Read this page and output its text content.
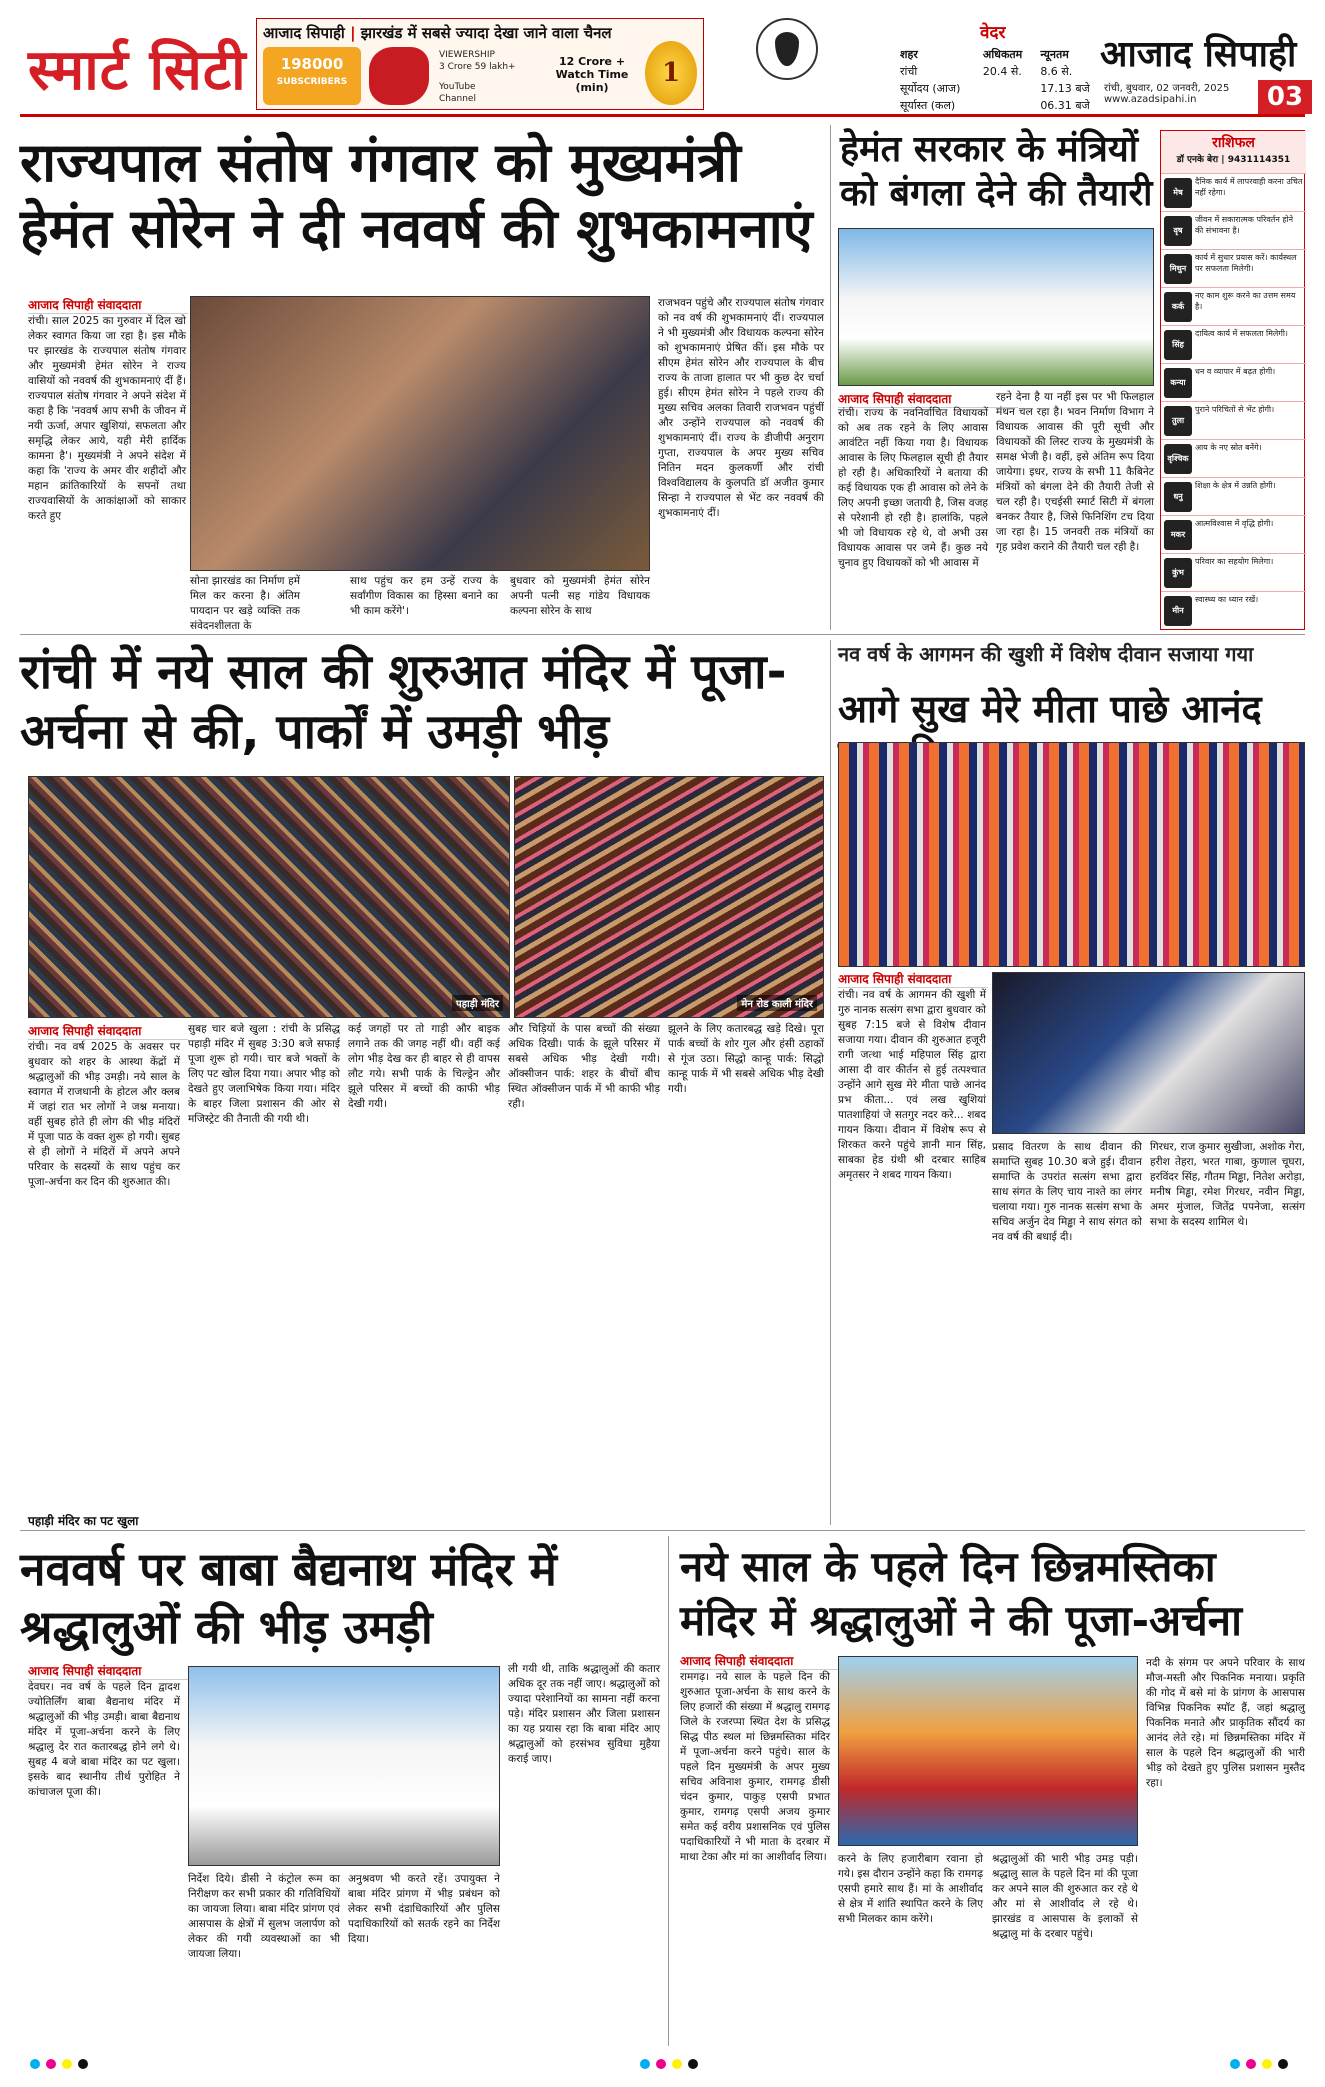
स्मार्ट सिटी
आजाद सिपाही | झारखंड में सबसे ज्यादा देखा जाने वाला चैनल
198000
SUBSCRIBERS
VIEWERSHIP
3 Crore 59 lakh+
YouTube
Channel
12 Crore +
Watch Time (min)	1
वेदर
शहर	अधिकतम	न्यूनतम
रांची	20.4 से.	8.6 से.
सूर्योदय (आज)		17.13 बजे
सूर्यास्त (कल)		06.31 बजे
आजाद सिपाही
रांची, बुधवार, 02 जनवरी, 2025
www.azadsipahi.in	03
राज्यपाल संतोष गंगवार को मुख्यमंत्री हेमंत सोरेन ने दी नववर्ष की शुभकामनाएं
आजाद सिपाही संवाददाता
रांची। साल 2025 का गुरुवार में दिल खो लेकर स्वागत किया जा रहा है। इस मौके पर झारखंड के राज्यपाल संतोष गंगवार और मुख्यमंत्री हेमंत सोरेन ने राज्य वासियों को नववर्ष की शुभकामनाएं दीं हैं। राज्यपाल संतोष गंगवार ने अपने संदेश में कहा है कि 'नववर्ष आप सभी के जीवन में नयी ऊर्जा, अपार खुशियां, सफलता और समृद्धि लेकर आये, यही मेरी हार्दिक कामना है'। मुख्यमंत्री ने अपने संदेश में कहा कि 'राज्य के अमर वीर शहीदों और महान क्रांतिकारियों के सपनों तथा राज्यवासियों के आकांक्षाओं को साकार करते हुए
सोना झारखंड का निर्माण हमें मिल कर करना है। अंतिम पायदान पर खड़े व्यक्ति तक संवेदनशीलता के
साथ पहुंच कर हम उन्हें राज्य के सर्वांगीण विकास का हिस्सा बनाने का भी काम करेंगे'।
बुधवार को मुख्यमंत्री हेमंत सोरेन अपनी पत्नी सह गांडेय विधायक कल्पना सोरेन के साथ
राजभवन पहुंचे और राज्यपाल संतोष गंगवार को नव वर्ष की शुभकामनाएं दीं। राज्यपाल ने भी मुख्यमंत्री और विधायक कल्पना सोरेन को शुभकामनाएं प्रेषित कीं। इस मौके पर सीएम हेमंत सोरेन और राज्यपाल के बीच राज्य के ताजा हालात पर भी कुछ देर चर्चा हुई। सीएम हेमंत सोरेन ने पहले राज्य की मुख्य सचिव अलका तिवारी राजभवन पहुंचीं और उन्होंने राज्यपाल को नववर्ष की शुभकामनाएं दीं। राज्य के डीजीपी अनुराग गुप्ता, राज्यपाल के अपर मुख्य सचिव नितिन मदन कुलकर्णी और रांची विश्वविद्यालय के कुलपति डॉ अजीत कुमार सिन्हा ने राज्यपाल से भेंट कर नववर्ष की शुभकामनाएं दीं।
हेमंत सरकार के मंत्रियों को बंगला देने की तैयारी
आजाद सिपाही संवाददाता
रांची। राज्य के नवनिर्वाचित विधायकों को अब तक रहने के लिए आवास आवंटित नहीं किया गया है। विधायक आवास के लिए फिलहाल सूची ही तैयार हो रही है। अधिकारियों ने बताया की कई विधायक एक ही आवास को लेने के लिए अपनी इच्छा जतायी है, जिस वजह से परेशानी हो रही है। हालांकि, पहले भी जो विधायक रहे थे, वो अभी उस विधायक आवास पर जमे हैं। कुछ नये चुनाव हुए विधायकों को भी आवास में
रहने देना है या नहीं इस पर भी फिलहाल मंथन चल रहा है। भवन निर्माण विभाग ने विधायक आवास की पूरी सूची और विधायकों की लिस्ट राज्य के मुख्यमंत्री के समक्ष भेजी है। वहीं, इसे अंतिम रूप दिया जायेगा। इधर, राज्य के सभी 11 कैबिनेट मंत्रियों को बंगला देने की तैयारी तेजी से चल रही है। एचईसी स्मार्ट सिटी में बंगला बनकर तैयार है, जिसे फिनिशिंग टच दिया जा रहा है। 15 जनवरी तक मंत्रियों का गृह प्रवेश कराने की तैयारी चल रही है।
राशिफल
डॉ एनके बेरा | 9431114351
मेष
दैनिक कार्य में लापरवाही करना उचित नहीं रहेगा।
वृष
जीवन में सकारात्मक परिवर्तन होने की संभावना है।
मिथुन
कार्य में सुधार प्रयास करें। कार्यस्थल पर सफलता मिलेगी।
कर्क
नए काम शुरू करने का उत्तम समय है।
सिंह
दायित्व कार्य में सफलता मिलेगी।
कन्या
धन व व्यापार में बढ़त होगी।
तुला
पुराने परिचितों से भेंट होगी।
वृश्चिक
आय के नए स्रोत बनेंगे।
धनु
शिक्षा के क्षेत्र में उन्नति होगी।
मकर
आत्मविश्वास में वृद्धि होगी।
कुंभ
परिवार का सहयोग मिलेगा।
मीन
स्वास्थ्य का ध्यान रखें।
रांची में नये साल की शुरुआत मंदिर में पूजा-अर्चना से की, पार्कों में उमड़ी भीड़
पहाड़ी मंदिर	मेन रोड काली मंदिर
आजाद सिपाही संवाददाता
रांची। नव वर्ष 2025 के अवसर पर बुधवार को शहर के आस्था केंद्रों में श्रद्धालुओं की भीड़ उमड़ी। नये साल के स्वागत में राजधानी के होटल और क्लब में जहां रात भर लोगों ने जश्न मनाया। वहीं सुबह होते ही लोग की भीड़ मंदिरों में पूजा पाठ के वक्त शुरू हो गयी। सुबह से ही लोगों ने मंदिरों में अपने अपने परिवार के सदस्यों के साथ पहुंच कर पूजा-अर्चना कर दिन की शुरुआत की।
सुबह चार बजे खुला : रांची के प्रसिद्ध पहाड़ी मंदिर में सुबह 3:30 बजे सफाई पूजा शुरू हो गयी। चार बजे भक्तों के लिए पट खोल दिया गया। अपार भीड़ को देखते हुए जलाभिषेक किया गया। मंदिर के बाहर जिला प्रशासन की ओर से मजिस्ट्रेट की तैनाती की गयी थी।
कई जगहों पर तो गाड़ी और बाइक लगाने तक की जगह नहीं थी। वहीं कई लोग भीड़ देख कर ही बाहर से ही वापस लौट गये। सभी पार्क के चिल्ड्रेन और झूले परिसर में बच्चों की काफी भीड़ देखी गयी।
और चिड़ियों के पास बच्चों की संख्या अधिक दिखी। पार्क के झूले परिसर में सबसे अधिक भीड़ देखी गयी। ऑक्सीजन पार्क: शहर के बीचों बीच स्थित ऑक्सीजन पार्क में भी काफी भीड़ रही।
झूलने के लिए कतारबद्ध खड़े दिखे। पूरा पार्क बच्चों के शोर गुल और हंसी ठहाकों से गूंज उठा। सिद्धो कान्हू पार्क: सिद्धो कान्हू पार्क में भी सबसे अधिक भीड़ देखी गयी।
पहाड़ी मंदिर का पट खुला
नव वर्ष के आगमन की खुशी में विशेष दीवान सजाया गया
आगे सुख मेरे मीता पाछे आनंद
आजाद सिपाही संवाददाता
रांची। नव वर्ष के आगमन की खुशी में गुरु नानक सत्संग सभा द्वारा बुधवार को सुबह 7:15 बजे से विशेष दीवान सजाया गया। दीवान की शुरुआत हजूरी रागी जत्था भाई महिपाल सिंह द्वारा आसा दी वार कीर्तन से हुई तत्पश्चात उन्होंने आगे सुख मेरे मीता पाछे आनंद प्रभ कीता... एवं लख खुशियां पातशाहियां जे सतगुर नदर करे... शबद गायन किया। दीवान में विशेष रूप से शिरकत करने पहुंचे ज्ञानी मान सिंह, साबका हेड ग्रंथी श्री दरबार साहिब अमृतसर ने शबद गायन किया।
प्रसाद वितरण के साथ दीवान की समाप्ति सुबह 10.30 बजे हुई। दीवान समाप्ति के उपरांत सत्संग सभा द्वारा साध संगत के लिए चाय नाश्ते का लंगर चलाया गया। गुरु नानक सत्संग सभा के सचिव अर्जुन देव मिड्ढा ने साध संगत को नव वर्ष की बधाई दी।
गिरधर, राज कुमार सुखीजा, अशोक गेरा, हरीश तेहरा, भरत गाबा, कुणाल चूघरा, हरविंदर सिंह, गौतम मिड्ढा, नितेश अरोड़ा, मनीष मिड्ढा, रमेश गिरधर, नवीन मिड्ढा, अमर मुंजाल, जितेंद्र पपनेजा, सत्संग सभा के सदस्य शामिल थे।
नववर्ष पर बाबा बैद्यनाथ मंदिर में श्रद्धालुओं की भीड़ उमड़ी
आजाद सिपाही संवाददाता
देवघर। नव वर्ष के पहले दिन द्वादश ज्योतिर्लिंग बाबा बैद्यनाथ मंदिर में श्रद्धालुओं की भीड़ उमड़ी। बाबा बैद्यनाथ मंदिर में पूजा-अर्चना करने के लिए श्रद्धालु देर रात कतारबद्ध होने लगे थे। सुबह 4 बजे बाबा मंदिर का पट खुला। इसके बाद स्थानीय तीर्थ पुरोहित ने कांचाजल पूजा की।
निर्देश दिये। डीसी ने कंट्रोल रूम का निरीक्षण कर सभी प्रकार की गतिविधियों का जायजा लिया। बाबा मंदिर प्रांगण एवं आसपास के क्षेत्रों में सुलभ जलार्पण को लेकर की गयी व्यवस्थाओं का भी जायजा लिया।
अनुश्रवण भी करते रहें। उपायुक्त ने बाबा मंदिर प्रांगण में भीड़ प्रबंधन को लेकर सभी दंडाधिकारियों और पुलिस पदाधिकारियों को सतर्क रहने का निर्देश दिया।
ली गयी थी, ताकि श्रद्धालुओं की कतार अधिक दूर तक नहीं जाए। श्रद्धालुओं को ज्यादा परेशानियों का सामना नहीं करना पड़े। मंदिर प्रशासन और जिला प्रशासन का यह प्रयास रहा कि बाबा मंदिर आए श्रद्धालुओं को हरसंभव सुविधा मुहैया कराई जाए।
नये साल के पहले दिन छिन्नमस्तिका मंदिर में श्रद्धालुओं ने की पूजा-अर्चना
आजाद सिपाही संवाददाता
रामगढ़। नये साल के पहले दिन की शुरुआत पूजा-अर्चना के साथ करने के लिए हजारों की संख्या में श्रद्धालु रामगढ़ जिले के रजरप्पा स्थित देश के प्रसिद्ध सिद्ध पीठ स्थल मां छिन्नमस्तिका मंदिर में पूजा-अर्चना करने पहुंचे। साल के पहले दिन मुख्यमंत्री के अपर मुख्य सचिव अविनाश कुमार, रामगढ़ डीसी चंदन कुमार, पाकुड़ एसपी प्रभात कुमार, रामगढ़ एसपी अजय कुमार समेत कई वरीय प्रशासनिक एवं पुलिस पदाधिकारियों ने भी माता के दरबार में माथा टेका और मां का आशीर्वाद लिया।	करने के लिए हजारीबाग रवाना हो गये। इस दौरान उन्होंने कहा कि रामगढ़ एसपी हमारे साथ हैं। मां के आशीर्वाद से क्षेत्र में शांति स्थापित करने के लिए सभी मिलकर काम करेंगे।
श्रद्धालुओं की भारी भीड़ उमड़ पड़ी। श्रद्धालु साल के पहले दिन मां की पूजा कर अपने साल की शुरुआत कर रहे थे और मां से आशीर्वाद ले रहे थे। झारखंड व आसपास के इलाकों से श्रद्धालु मां के दरबार पहुंचे।
नदी के संगम पर अपने परिवार के साथ मौज-मस्ती और पिकनिक मनाया। प्रकृति की गोद में बसे मां के प्रांगण के आसपास विभिन्न पिकनिक स्पॉट हैं, जहां श्रद्धालु पिकनिक मनाते और प्राकृतिक सौंदर्य का आनंद लेते रहे। मां छिन्नमस्तिका मंदिर में साल के पहले दिन श्रद्धालुओं की भारी भीड़ को देखते हुए पुलिस प्रशासन मुस्तैद रहा।
